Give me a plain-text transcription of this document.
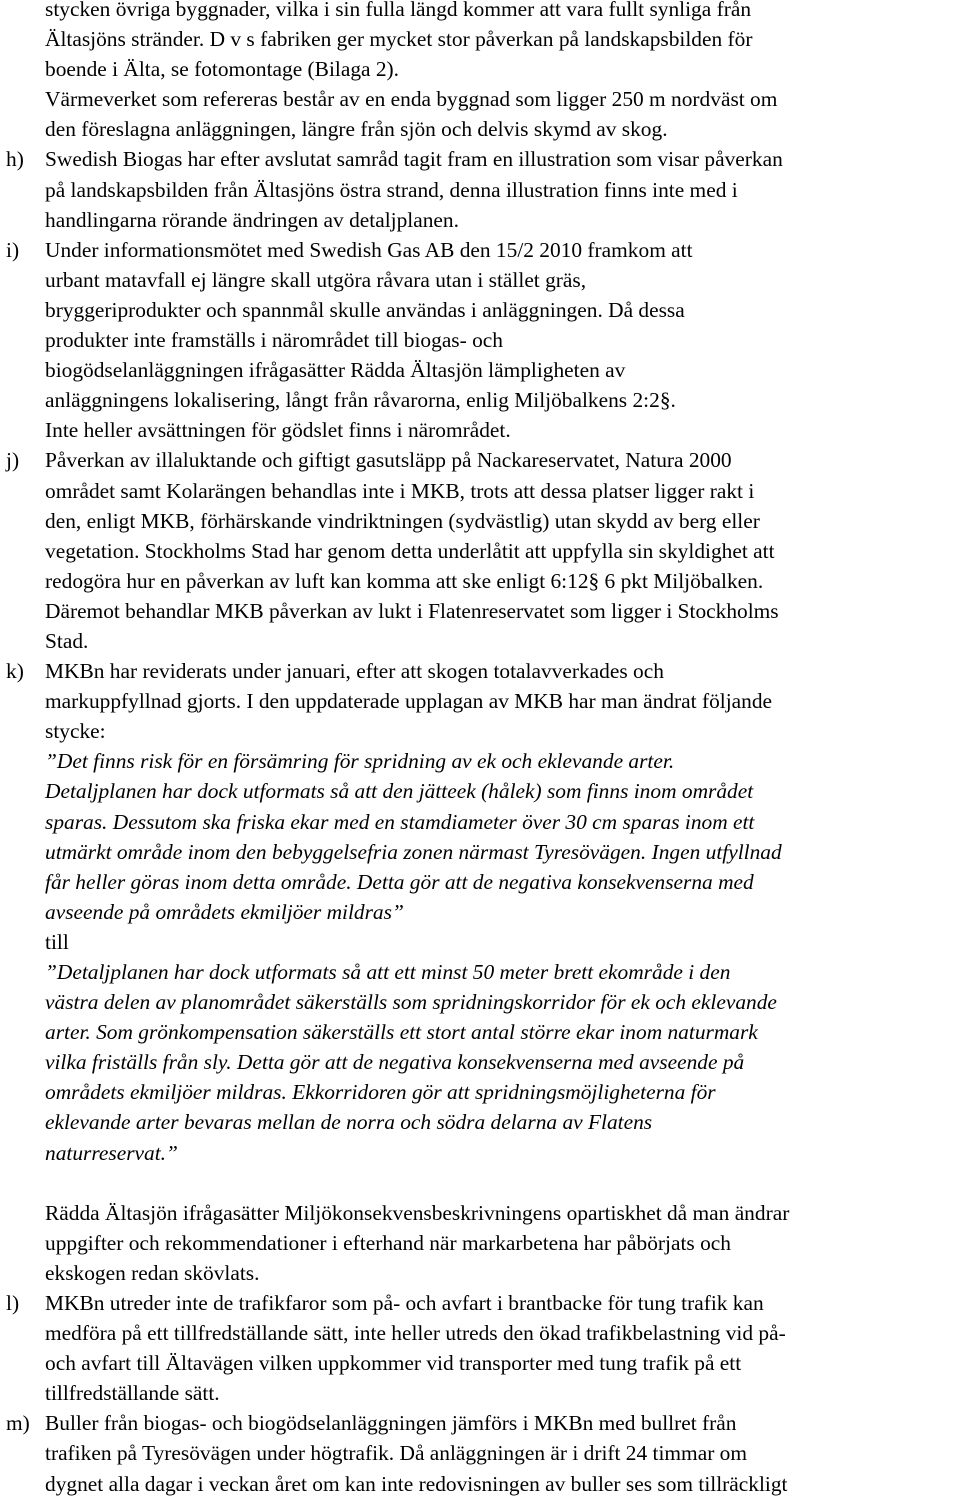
stycken övriga byggnader, vilka i sin fulla längd kommer att vara fullt synliga från
Ältasjöns stränder. D v s fabriken ger mycket stor påverkan på landskapsbilden för
boende i Älta, se fotomontage (Bilaga 2).
Värmeverket som refereras består av en enda byggnad som ligger 250 m nordväst om
den föreslagna anläggningen, längre från sjön och delvis skymd av skog.
h) Swedish Biogas har efter avslutat samråd tagit fram en illustration som visar påverkan
på landskapsbilden från Ältasjöns östra strand, denna illustration finns inte med i
handlingarna rörande ändringen av detaljplanen.
i) Under informationsmötet med Swedish Gas AB den 15/2 2010 framkom att
urbant matavfall ej längre skall utgöra råvara utan i stället gräs,
bryggeriprodukter och spannmål skulle användas i anläggningen. Då dessa
produkter inte framställs i närområdet till biogas- och
biogödselanläggningen ifrågasätter Rädda Ältasjön lämpligheten av
anläggningens lokalisering, långt från råvarorna, enlig Miljöbalkens 2:2§.
Inte heller avsättningen för gödslet finns i närområdet.
j) Påverkan av illaluktande och giftigt gasutsläpp på Nackareservatet, Natura 2000
området samt Kolarängen behandlas inte i MKB, trots att dessa platser ligger rakt i
den, enligt MKB, förhärskande vindriktningen (sydvästlig) utan skydd av berg eller
vegetation. Stockholms Stad har genom detta underlåtit att uppfylla sin skyldighet att
redogöra hur en påverkan av luft kan komma att ske enligt 6:12§ 6 pkt Miljöbalken.
Däremot behandlar MKB påverkan av lukt i Flatenreservatet som ligger i Stockholms
Stad.
k) MKBn har reviderats under januari, efter att skogen totalavverkades och
markuppfyllnad gjorts. I den uppdaterade upplagan av MKB har man ändrat följande
stycke:
”Det finns risk för en försämring för spridning av ek och eklevande arter.
Detaljplanen har dock utformats så att den jätteek (hålek) som finns inom området
sparas. Dessutom ska friska ekar med en stamdiameter över 30 cm sparas inom ett
utmärkt område inom den bebyggelsefria zonen närmast Tyresövägen. Ingen utfyllnad
får heller göras inom detta område. Detta gör att de negativa konsekvenserna med
avseende på områdets ekmiljöer mildras”
till
”Detaljplanen har dock utformats så att ett minst 50 meter brett ekområde i den
västra delen av planområdet säkerställs som spridningskorridor för ek och eklevande
arter. Som grönkompensation säkerställs ett stort antal större ekar inom naturmark
vilka friställs från sly. Detta gör att de negativa konsekvenserna med avseende på
områdets ekmiljöer mildras. Ekkorridoren gör att spridningsmöjligheterna för
eklevande arter bevaras mellan de norra och södra delarna av Flatens
naturreservat.”
Rädda Ältasjön ifrågasätter Miljökonsekvensbeskrivningens opartiskhet då man ändrar
uppgifter och rekommendationer i efterhand när markarbetena har påbörjats och
ekskogen redan skövlats.
l) MKBn utreder inte de trafikfaror som på- och avfart i brantbacke för tung trafik kan
medföra på ett tillfredställande sätt, inte heller utreds den ökad trafikbelastning vid på-
och avfart till Ältavägen vilken uppkommer vid transporter med tung trafik på ett
tillfredställande sätt.
m) Buller från biogas- och biogödselanläggningen jämförs i MKBn med bullret från
trafiken på Tyresövägen under högtrafik. Då anläggningen är i drift 24 timmar om
dygnet alla dagar i veckan året om kan inte redovisningen av buller ses som tillräckligt
